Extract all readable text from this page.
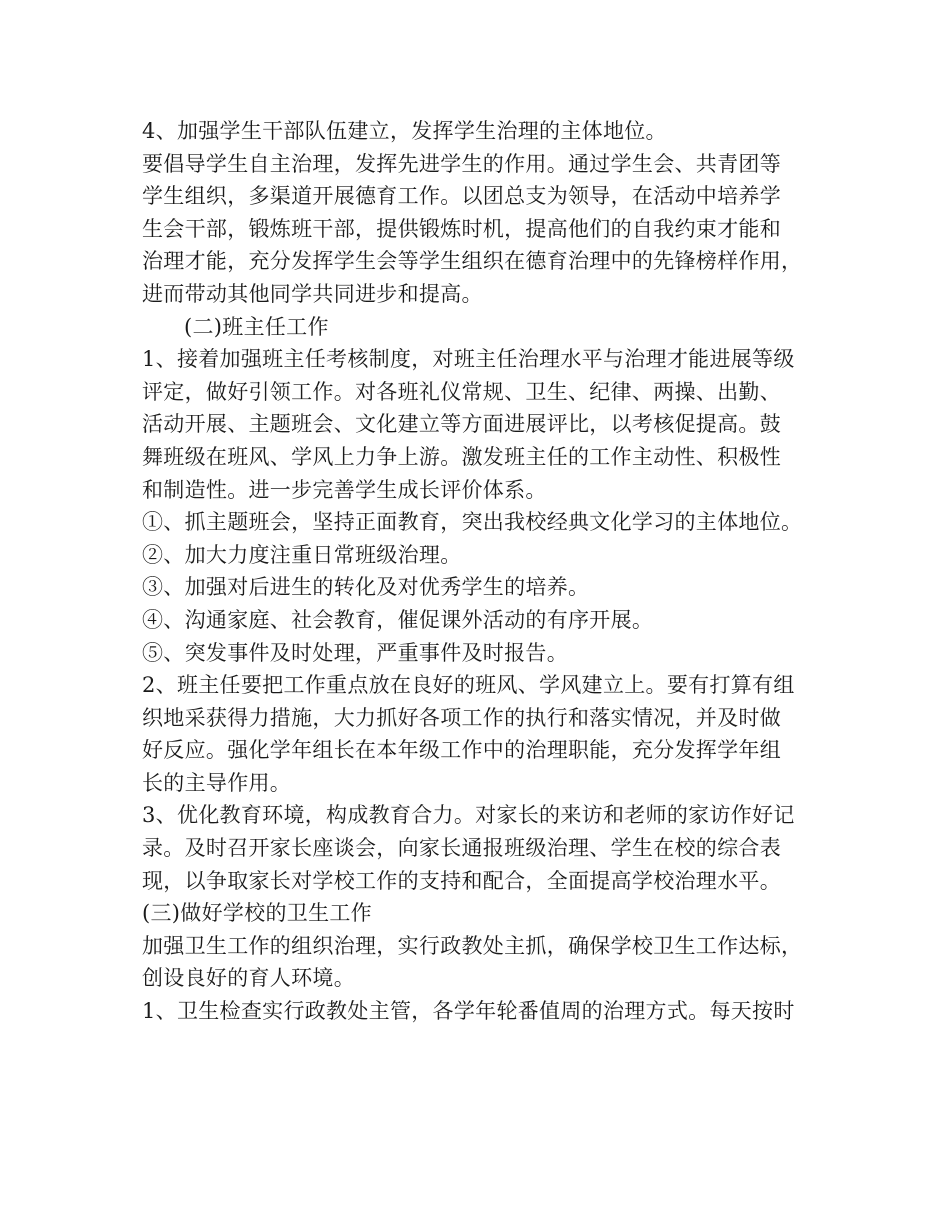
4、加强学生干部队伍建立，发挥学生治理的主体地位。
要倡导学生自主治理，发挥先进学生的作用。通过学生会、共青团等
学生组织，多渠道开展德育工作。以团总支为领导，在活动中培养学
生会干部，锻炼班干部，提供锻炼时机，提高他们的自我约束才能和
治理才能，充分发挥学生会等学生组织在德育治理中的先锋榜样作用，
进而带动其他同学共同进步和提高。
(二)班主任工作
1、接着加强班主任考核制度，对班主任治理水平与治理才能进展等级
评定，做好引领工作。对各班礼仪常规、卫生、纪律、两操、出勤、
活动开展、主题班会、文化建立等方面进展评比，以考核促提高。鼓
舞班级在班风、学风上力争上游。激发班主任的工作主动性、积极性
和制造性。进一步完善学生成长评价体系。
①、抓主题班会，坚持正面教育，突出我校经典文化学习的主体地位。
②、加大力度注重日常班级治理。
③、加强对后进生的转化及对优秀学生的培养。
④、沟通家庭、社会教育，催促课外活动的有序开展。
⑤、突发事件及时处理，严重事件及时报告。
2、班主任要把工作重点放在良好的班风、学风建立上。要有打算有组
织地采获得力措施，大力抓好各项工作的执行和落实情况，并及时做
好反应。强化学年组长在本年级工作中的治理职能，充分发挥学年组
长的主导作用。
3、优化教育环境，构成教育合力。对家长的来访和老师的家访作好记
录。及时召开家长座谈会，向家长通报班级治理、学生在校的综合表
现，以争取家长对学校工作的支持和配合，全面提高学校治理水平。
(三)做好学校的卫生工作
加强卫生工作的组织治理，实行政教处主抓，确保学校卫生工作达标，
创设良好的育人环境。
1、卫生检查实行政教处主管，各学年轮番值周的治理方式。每天按时
